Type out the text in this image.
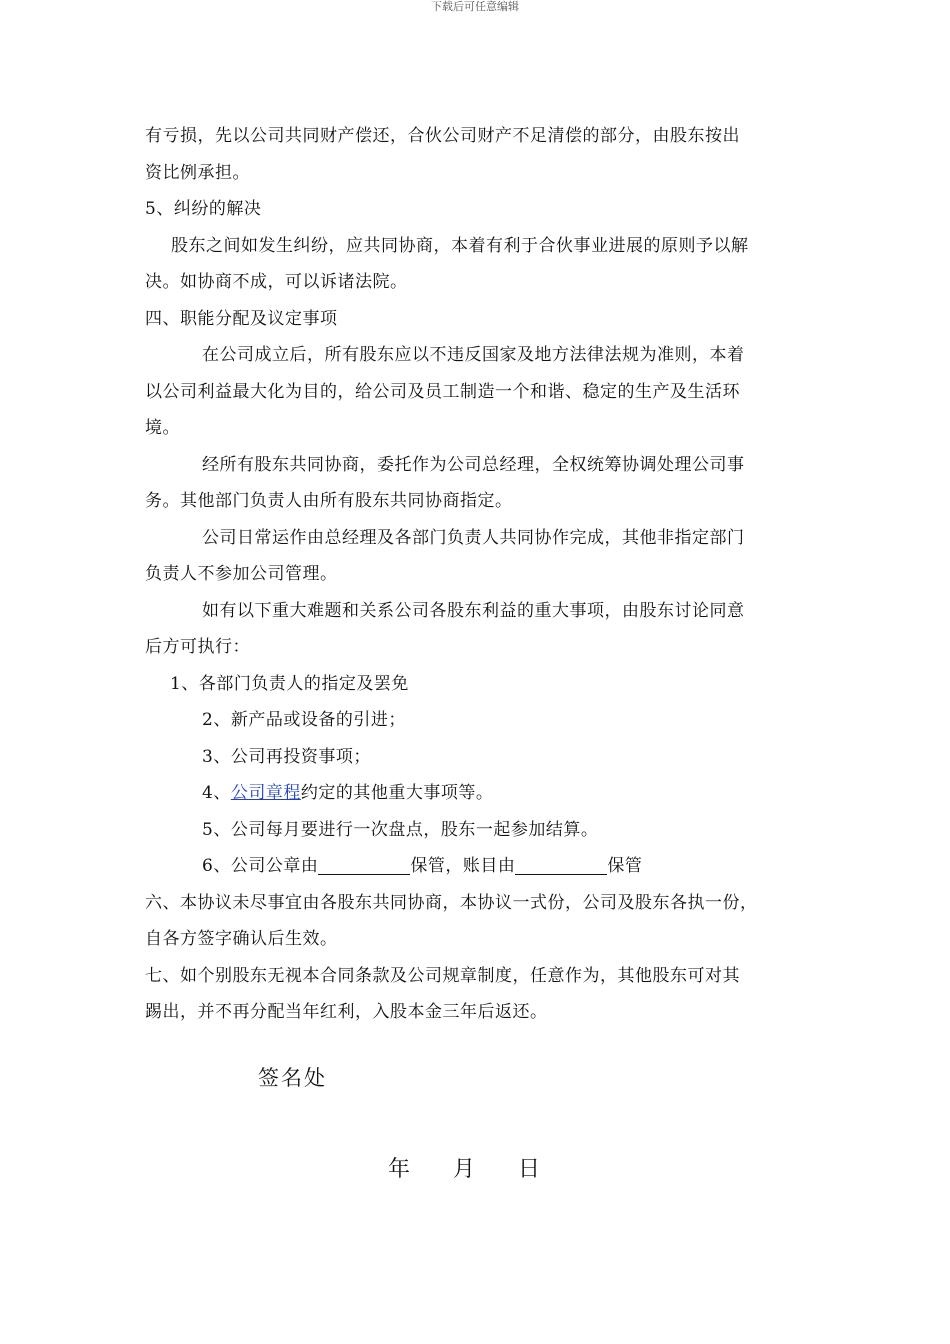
下载后可任意编辑
有亏损，先以公司共同财产偿还，合伙公司财产不足清偿的部分，由股东按出
资比例承担。
5、纠纷的解决
股东之间如发生纠纷，应共同协商，本着有利于合伙事业进展的原则予以解
决。如协商不成，可以诉诸法院。
四、职能分配及议定事项
在公司成立后，所有股东应以不违反国家及地方法律法规为准则，本着
以公司利益最大化为目的，给公司及员工制造一个和谐、稳定的生产及生活环
境。
经所有股东共同协商，委托作为公司总经理，全权统筹协调处理公司事
务。其他部门负责人由所有股东共同协商指定。
公司日常运作由总经理及各部门负责人共同协作完成，其他非指定部门
负责人不参加公司管理。
如有以下重大难题和关系公司各股东利益的重大事项，由股东讨论同意
后方可执行：
1、各部门负责人的指定及罢免
2、新产品或设备的引进；
3、公司再投资事项；
4、公司章程约定的其他重大事项等。
5、公司每月要进行一次盘点，股东一起参加结算。
6、公司公章由	保管，账目由	保管
六、本协议未尽事宜由各股东共同协商，本协议一式份，公司及股东各执一份，
自各方签字确认后生效。
七、如个别股东无视本合同条款及公司规章制度，任意作为，其他股东可对其
踢出，并不再分配当年红利，入股本金三年后返还。
签名处
年 月 日
